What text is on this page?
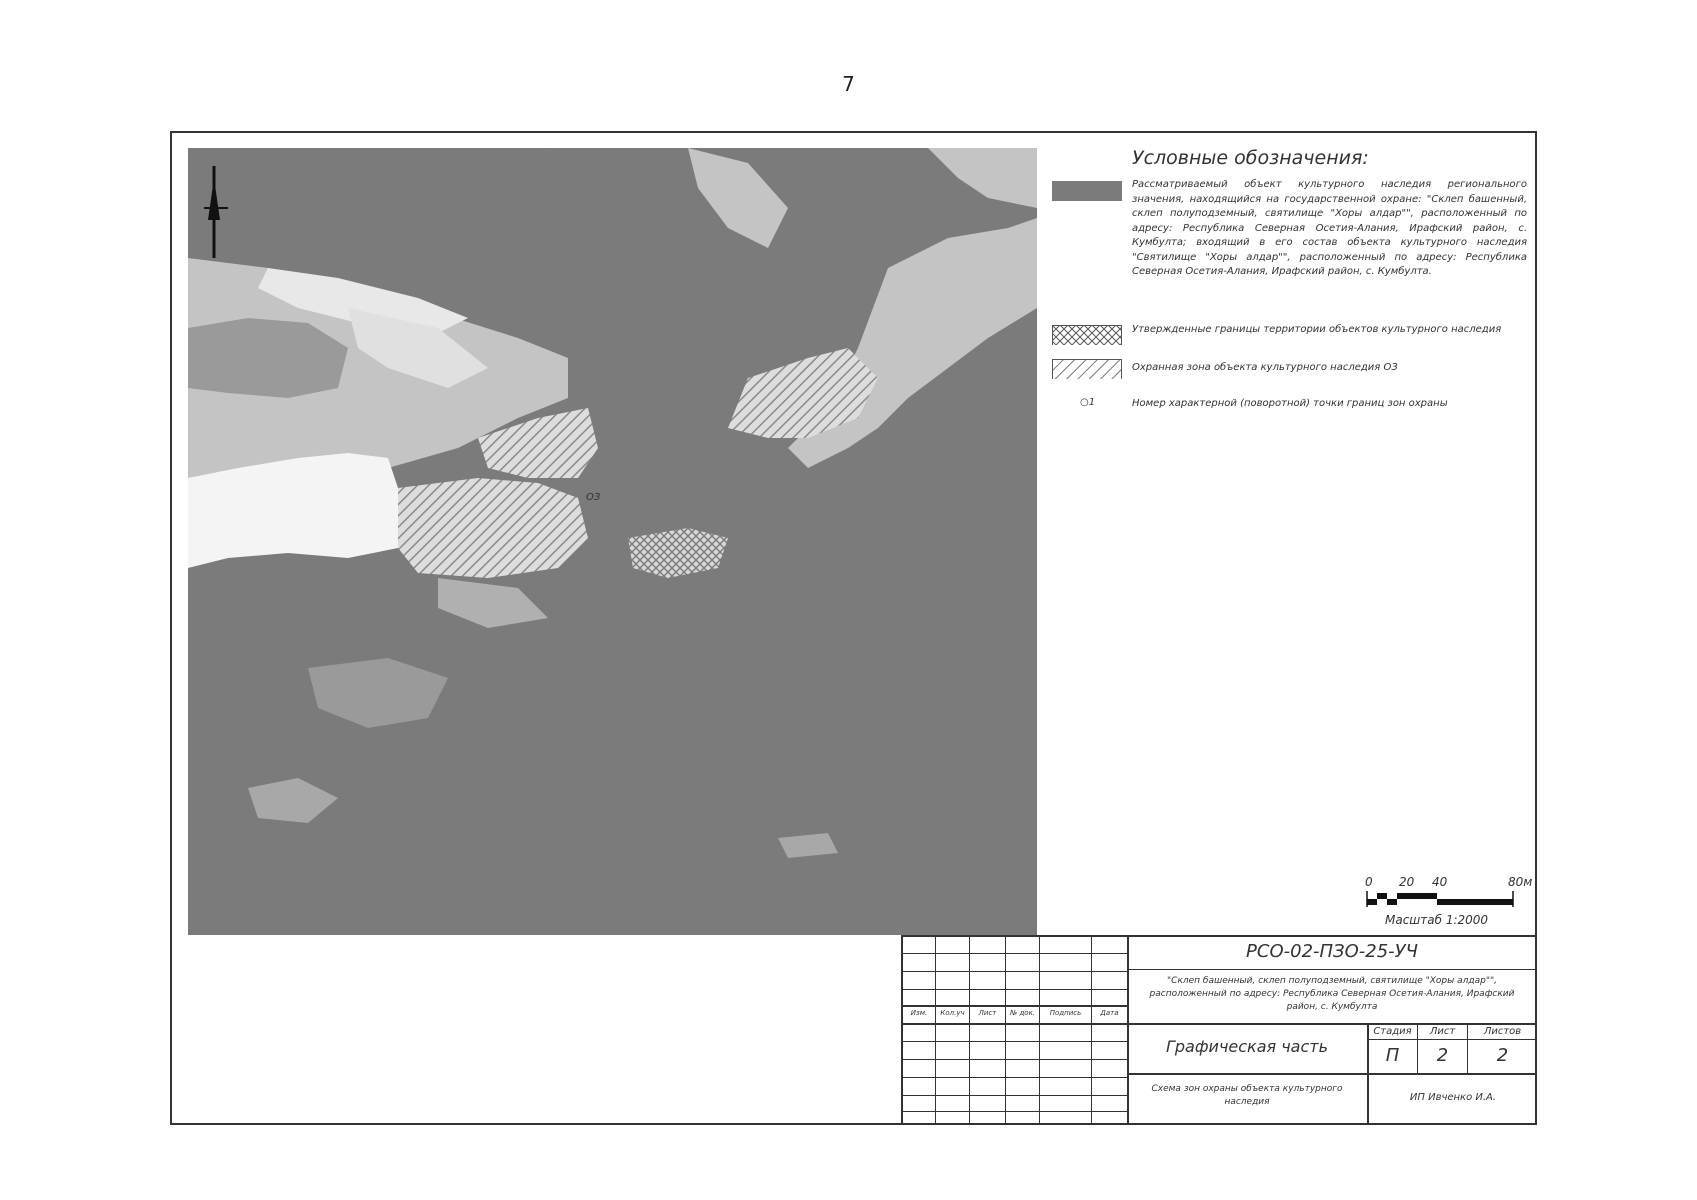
7
ОЗ
Условные обозначения:
Рассматриваемый объект культурного наследия регионального значения, находящийся на государственной охране: "Склеп башенный, склеп полуподземный, святилище "Хоры алдар"", расположенный по адресу: Республика Северная Осетия-Алания, Ирафский район, с. Кумбулта; входящий в его состав объекта культурного наследия "Святилище "Хоры алдар"", расположенный по адресу: Республика Северная Осетия-Алания, Ирафский район, с. Кумбулта.
Утвержденные границы территории объектов культурного наследия
Охранная зона объекта культурного наследия ОЗ
○1	Номер характерной (поворотной) точки границ зон охраны
0 20 40	80м
Масштаб 1:2000
Изм.	Кол.уч	Лист	№ док.	Подпись	Дата
РСО-02-ПЗО-25-УЧ
"Склеп башенный, склеп полуподземный, святилище "Хоры алдар"", расположенный по адресу: Республика Северная Осетия-Алания, Ирафский район, с. Кумбулта
Графическая часть
Стадия	Лист	Листов
П	2	2
Схема зон охраны объекта культурного наследия	ИП Ивченко И.А.
